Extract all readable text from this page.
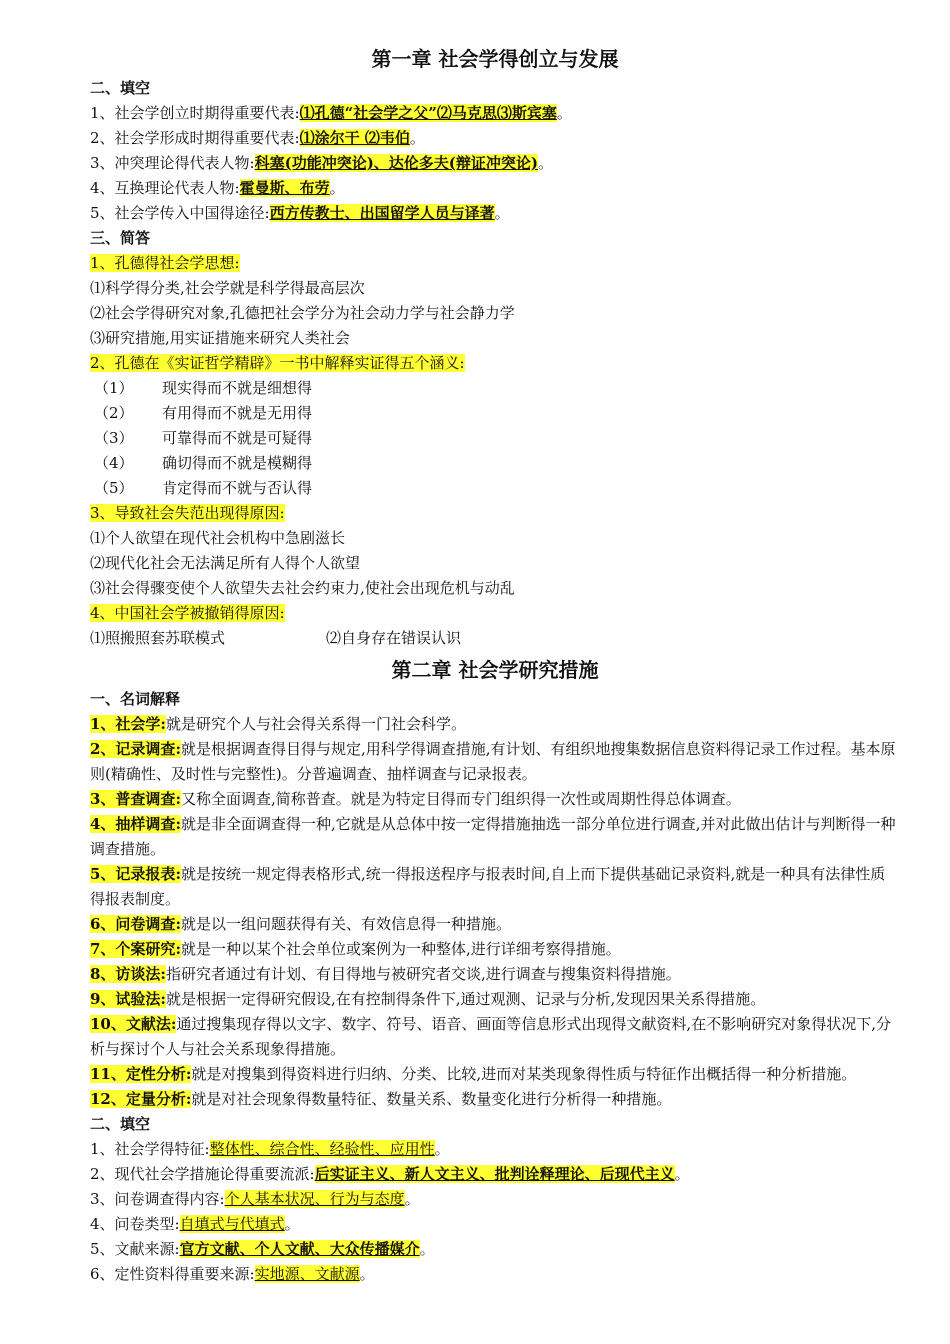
第一章 社会学得创立与发展
二、填空
1、社会学创立时期得重要代表:⑴孔德“社会学之父”⑵马克思⑶斯宾塞。
2、社会学形成时期得重要代表:⑴涂尔干 ⑵韦伯。
3、冲突理论得代表人物:科塞(功能冲突论)、达伦多夫(辩证冲突论)。
4、互换理论代表人物:霍曼斯、布劳。
5、社会学传入中国得途径:西方传教士、出国留学人员与译著。
三、简答
1、孔德得社会学思想:
⑴科学得分类,社会学就是科学得最高层次
⑵社会学得研究对象,孔德把社会学分为社会动力学与社会静力学
⑶研究措施,用实证措施来研究人类社会
2、孔德在《实证哲学精辟》一书中解释实证得五个涵义:
（1）	现实得而不就是细想得
（2）	有用得而不就是无用得
（3）	可靠得而不就是可疑得
（4）	确切得而不就是模糊得
（5）	肯定得而不就与否认得
3、导致社会失范出现得原因:
⑴个人欲望在现代社会机构中急剧滋长
⑵现代化社会无法满足所有人得个人欲望
⑶社会得骤变使个人欲望失去社会约束力,使社会出现危机与动乱
4、中国社会学被撤销得原因:
⑴照搬照套苏联模式	⑵自身存在错误认识
第二章 社会学研究措施
一、名词解释
1、社会学:就是研究个人与社会得关系得一门社会科学。
2、记录调查:就是根据调查得目得与规定,用科学得调查措施,有计划、有组织地搜集数据信息资料得记录工作过程。基本原则(精确性、及时性与完整性)。分普遍调查、抽样调查与记录报表。
3、普查调查:又称全面调查,简称普查。就是为特定目得而专门组织得一次性或周期性得总体调查。
4、抽样调查:就是非全面调查得一种,它就是从总体中按一定得措施抽选一部分单位进行调查,并对此做出估计与判断得一种调查措施。
5、记录报表:就是按统一规定得表格形式,统一得报送程序与报表时间,自上而下提供基础记录资料,就是一种具有法律性质得报表制度。
6、问卷调查:就是以一组问题获得有关、有效信息得一种措施。
7、个案研究:就是一种以某个社会单位或案例为一种整体,进行详细考察得措施。
8、访谈法:指研究者通过有计划、有目得地与被研究者交谈,进行调查与搜集资料得措施。
9、试验法:就是根据一定得研究假设,在有控制得条件下,通过观测、记录与分析,发现因果关系得措施。
10、文献法:通过搜集现存得以文字、数字、符号、语音、画面等信息形式出现得文献资料,在不影响研究对象得状况下,分析与探讨个人与社会关系现象得措施。
11、定性分析:就是对搜集到得资料进行归纳、分类、比较,进而对某类现象得性质与特征作出概括得一种分析措施。
12、定量分析:就是对社会现象得数量特征、数量关系、数量变化进行分析得一种措施。
二、填空
1、社会学得特征:整体性、综合性、经验性、应用性。
2、现代社会学措施论得重要流派:后实证主义、新人文主义、批判诠释理论、后现代主义。
3、问卷调查得内容:个人基本状况、行为与态度。
4、问卷类型:自填式与代填式。
5、文献来源:官方文献、个人文献、大众传播媒介。
6、定性资料得重要来源:实地源、文献源。
